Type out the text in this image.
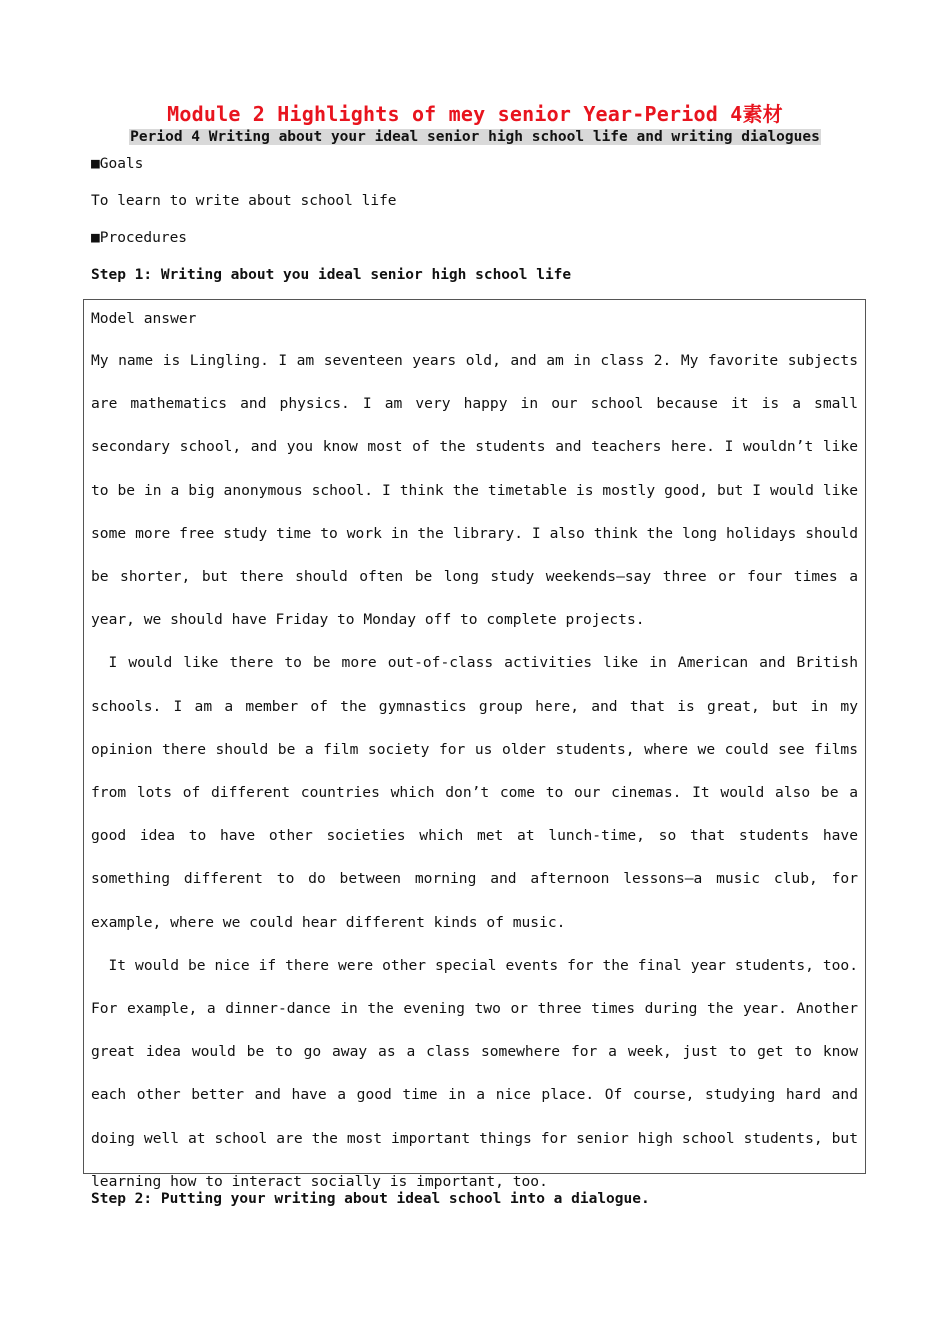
Module 2 Highlights of mey senior Year-Period 4素材
Period 4 Writing about your ideal senior high school life and writing dialogues
■Goals
To learn to write about school life
■Procedures
Step 1: Writing about you ideal senior high school life

Model answer

My name is Lingling. I am seventeen years old, and am in class 2. My favorite subjects are mathematics and physics. I am very happy in our school because it is a small secondary school, and you know most of the students and teachers here. I wouldn’t like to be in a big anonymous school. I think the timetable is mostly good, but I would like some more free study time to work in the library. I also think the long holidays should be shorter, but there should often be long study weekends—say three or four times a year, we should have Friday to Monday off to complete projects.

I would like there to be more out-of-class activities like in American and British schools. I am a member of the gymnastics group here, and that is great, but in my opinion there should be a film society for us older students, where we could see films from lots of different countries which don’t come to our cinemas. It would also be a good idea to have other societies which met at lunch-time, so that students have something different to do between morning and afternoon lessons—a music club, for example, where we could hear different kinds of music.

It would be nice if there were other special events for the final year students, too. For example, a dinner-dance in the evening two or three times during the year. Another great idea would be to go away as a class somewhere for a week, just to get to know each other better and have a good time in a nice place. Of course, studying hard and doing well at school are the most important things for senior high school students, but learning how to interact socially is important, too.

Step 2: Putting your writing about ideal school into a dialogue.
